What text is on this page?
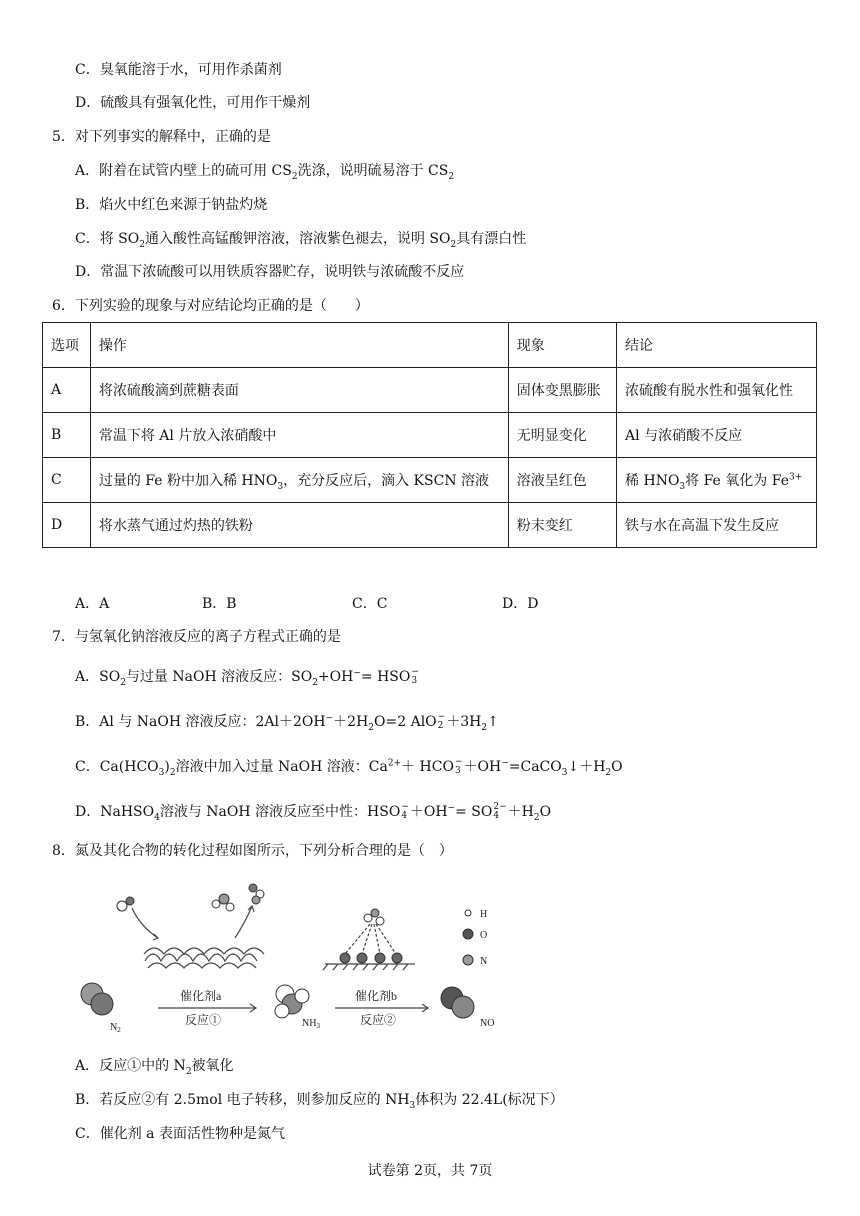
C．臭氧能溶于水，可用作杀菌剂
D．硫酸具有强氧化性，可用作干燥剂
5．对下列事实的解释中，正确的是
A．附着在试管内壁上的硫可用 $CS_2$洗涤，说明硫易溶于 $CS_2$
B．焰火中红色来源于钠盐灼烧
C．将 $SO_2$通入酸性高锰酸钾溶液，溶液紫色褪去，说明 $SO_2$具有漂白性
D．常温下浓硫酸可以用铁质容器贮存，说明铁与浓硫酸不反应
6．下列实验的现象与对应结论均正确的是（　　）
选项	操作	现象	结论
A	将浓硫酸滴到蔗糖表面	固体变黑膨胀	浓硫酸有脱水性和强氧化性
B	常温下将 Al 片放入浓硝酸中	无明显变化	Al 与浓硝酸不反应
C	过量的 Fe 粉中加入稀 $HNO_3$，充分反应后，滴入 KSCN 溶液	溶液呈红色	稀 $HNO_3$将 Fe 氧化为 $Fe^{3+}$
D	将水蒸气通过灼热的铁粉	粉末变红	铁与水在高温下发生反应
A．A	B．B	C．C	D．D
7．与氢氧化钠溶液反应的离子方程式正确的是
A．$SO_2$与过量 NaOH 溶液反应：$SO_2+OH^-=$ HSO −
3
B．Al 与 NaOH 溶液反应：$2Al+2OH^-+2H_2O=2$ AlO −
$2 +3H_2↑$
C．$Ca(HCO_3)_2$溶液中加入过量 NaOH 溶液：$Ca^{2+}+$ HCO −
$3 +OH^-=CaCO_3↓+H_2O$
D．NaHSO$_4$溶液与 NaOH 溶液反应至中性：HSO −
4 ＋OH−= SO 2−
$4 +H_2O$
8．氮及其化合物的转化过程如图所示，下列分析合理的是（　）
催化剂a
反应①
催化剂b
反应②
$N_2$
$NH_3$	NO
H
O
N
A．反应①中的 $N_2$被氧化
B．若反应②有 2.5mol 电子转移，则参加反应的 $NH_3$体积为 22.4L(标况下）
C．催化剂 a 表面活性物种是氮气
试卷第 2页，共 7页
